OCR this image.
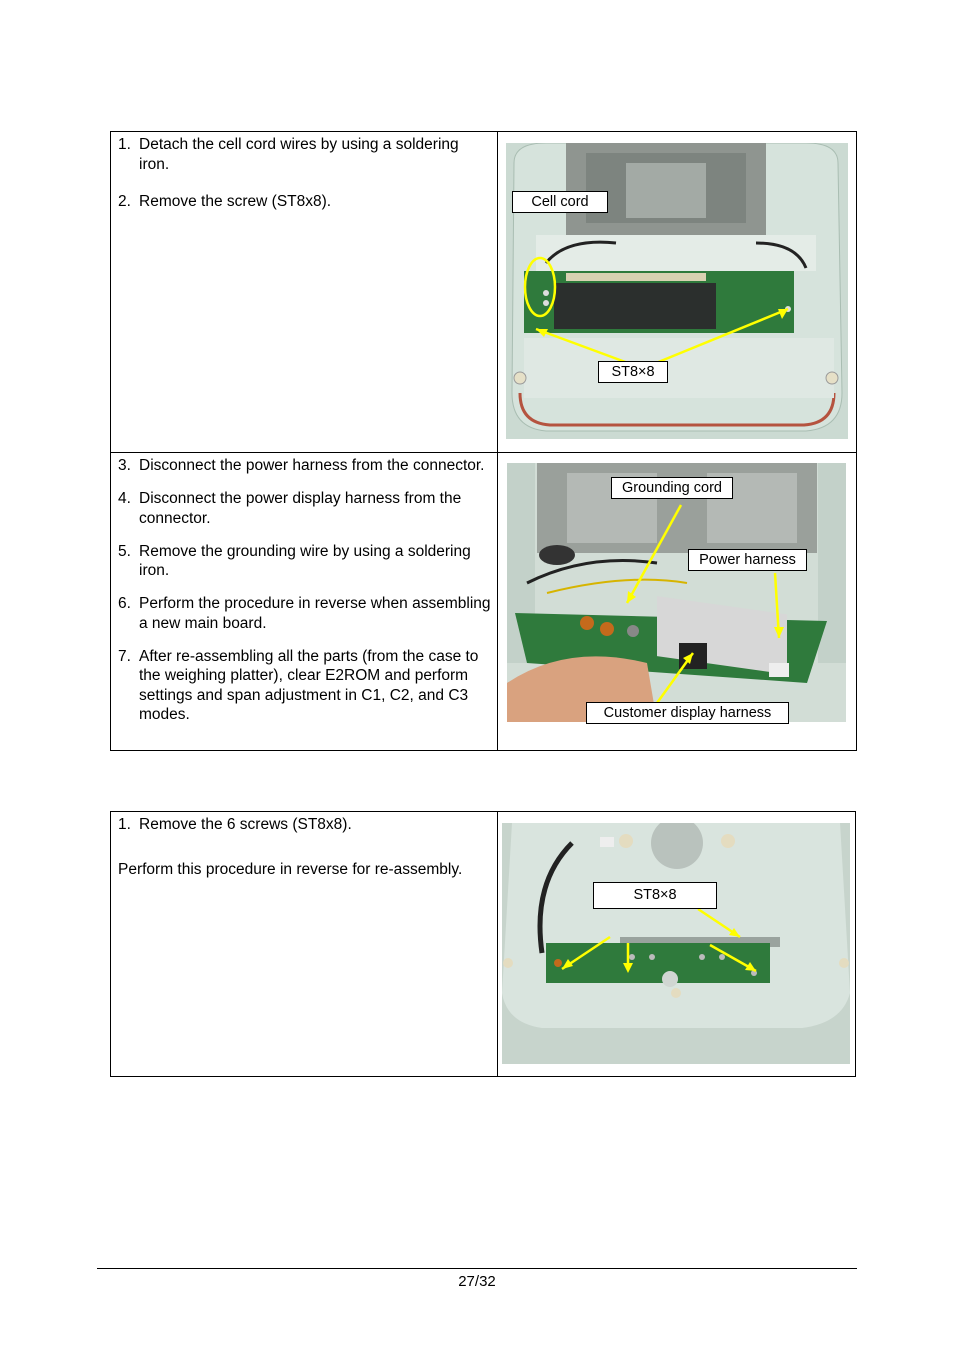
1. Detach the cell cord wires by using a soldering iron.
2. Remove the screw (ST8x8).	Cell cord
ST8×8
3. Disconnect the power harness from the connector.
4. Disconnect the power display harness from the connector.
5. Remove the grounding wire by using a soldering iron.
6. Perform the procedure in reverse when assembling a new main board.
7. After re-assembling all the parts (from the case to the weighing platter), clear E2ROM and perform settings and span adjustment in C1, C2, and C3 modes.
Grounding cord
Power harness
Customer display harness
1. Remove the 6 screws (ST8x8).
Perform this procedure in reverse for re-assembly.
ST8×8
27/32
